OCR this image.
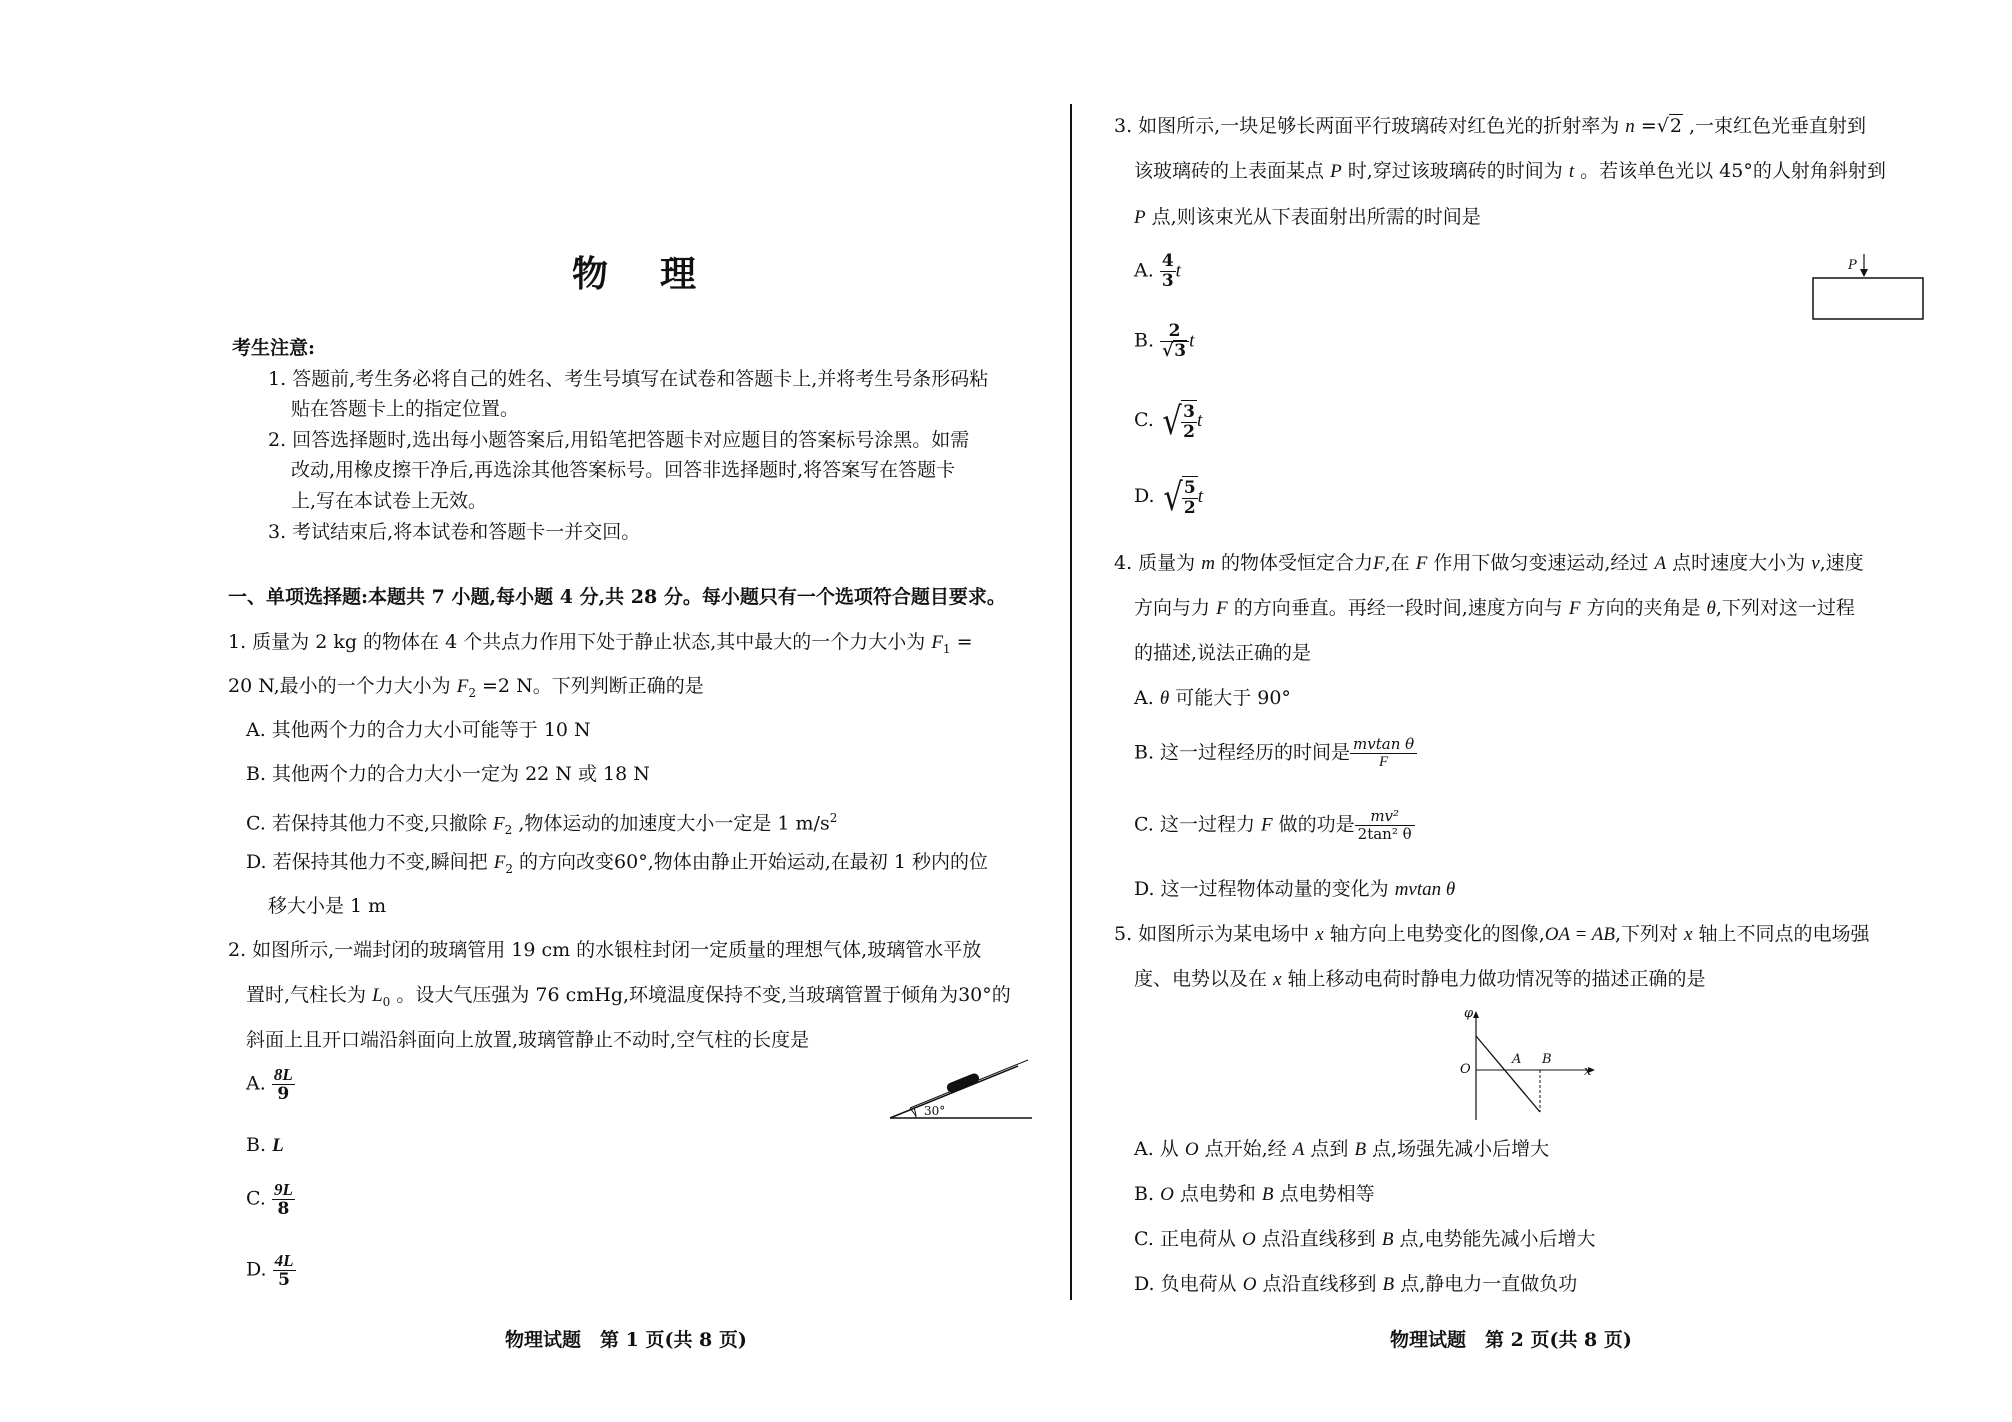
物　理
考生注意:
1. 答题前,考生务必将自己的姓名、考生号填写在试卷和答题卡上,并将考生号条形码粘
贴在答题卡上的指定位置。
2. 回答选择题时,选出每小题答案后,用铅笔把答题卡对应题目的答案标号涂黑。如需
改动,用橡皮擦干净后,再选涂其他答案标号。回答非选择题时,将答案写在答题卡
上,写在本试卷上无效。
3. 考试结束后,将本试卷和答题卡一并交回。
一、单项选择题:本题共 7 小题,每小题 4 分,共 28 分。每小题只有一个选项符合题目要求。
1. 质量为 2 kg 的物体在 4 个共点力作用下处于静止状态,其中最大的一个力大小为 $F_1$ =
20 N,最小的一个力大小为 $F_2 =2$ N。下列判断正确的是
A. 其他两个力的合力大小可能等于 10 N
B. 其他两个力的合力大小一定为 22 N 或 18 N
C. 若保持其他力不变,只撤除 $F_2$ ,物体运动的加速度大小一定是 1 $m/s^2$
D. 若保持其他力不变,瞬间把 $F_2$ 的方向改变60°,物体由静止开始运动,在最初 1 秒内的位
移大小是 1 m
2. 如图所示,一端封闭的玻璃管用 19 cm 的水银柱封闭一定质量的理想气体,玻璃管水平放
置时,气柱长为 $L_0$ 。设大气压强为 76 cmHg,环境温度保持不变,当玻璃管置于倾角为30°的
斜面上且开口端沿斜面向上放置,玻璃管静止不动时,空气柱的长度是
A. $\frac{8L}{9}$
B. L
C. $\frac{9L}{8}$
D. $\frac{4L}{5}$
30°
物理试题　第 1 页(共 8 页)
3. 如图所示,一块足够长两面平行玻璃砖对红色光的折射率为 n =√2 ,一束红色光垂直射到
该玻璃砖的上表面某点 P 时,穿过该玻璃砖的时间为 t 。若该单色光以 45°的人射角斜射到
P 点,则该束光从下表面射出所需的时间是
A. $\frac{4}{3}$ t
B. $\frac{2}{√3}$ t
C. √ $\frac{3}{2}$ t
D. √ $\frac{5}{2}$ t
P
4. 质量为 m 的物体受恒定合力F,在 F 作用下做匀变速运动,经过 A 点时速度大小为 v,速度
方向与力 F 的方向垂直。再经一段时间,速度方向与 F 方向的夹角是 θ,下列对这一过程
的描述,说法正确的是
A. θ 可能大于 90°
B. 这一过程经历的时间是 $\frac{\text{mvtan θ}}{F}$
C. 这一过程力 F 做的功是 $\frac{\text{mv²}}{\text{2tan² θ}}$
D. 这一过程物体动量的变化为 mvtan θ
5. 如图所示为某电场中 x 轴方向上电势变化的图像,OA = AB,下列对 x 轴上不同点的电场强
度、电势以及在 x 轴上移动电荷时静电力做功情况等的描述正确的是
φ
O
A B
x
A. 从 O 点开始,经 A 点到 B 点,场强先减小后增大
B. O 点电势和 B 点电势相等
C. 正电荷从 O 点沿直线移到 B 点,电势能先减小后增大
D. 负电荷从 O 点沿直线移到 B 点,静电力一直做负功
物理试题　第 2 页(共 8 页)
